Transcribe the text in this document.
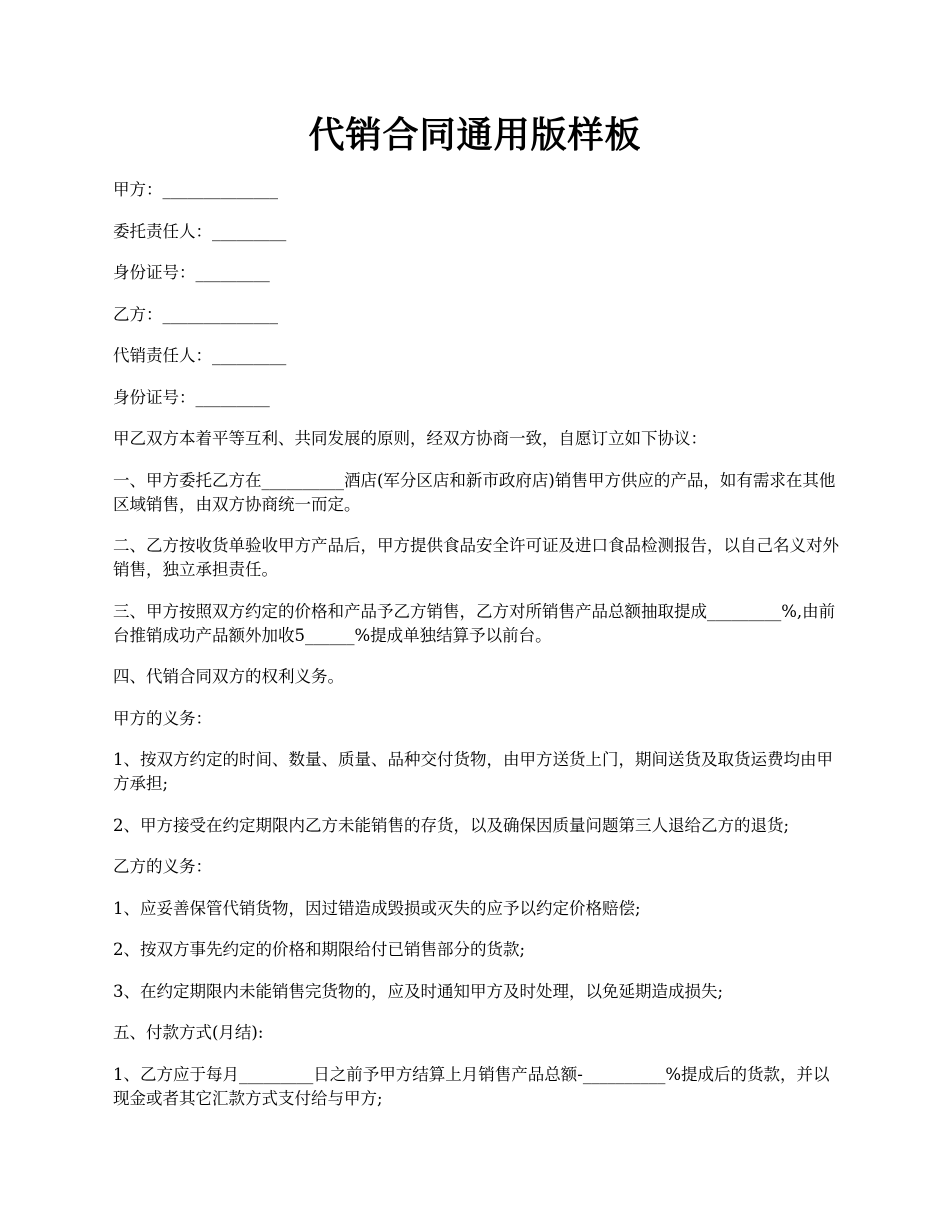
代销合同通用版样板

甲方：______________

委托责任人：_________

身份证号：_________

乙方：______________

代销责任人：_________

身份证号：_________

甲乙双方本着平等互利、共同发展的原则，经双方协商一致，自愿订立如下协议：

一、甲方委托乙方在__________酒店(军分区店和新市政府店)销售甲方供应的产品，如有需求在其他区域销售，由双方协商统一而定。

二、乙方按收货单验收甲方产品后，甲方提供食品安全许可证及进口食品检测报告，以自己名义对外销售，独立承担责任。

三、甲方按照双方约定的价格和产品予乙方销售，乙方对所销售产品总额抽取提成_________%,由前台推销成功产品额外加收5______%提成单独结算予以前台。

四、代销合同双方的权利义务。

甲方的义务：

1、按双方约定的时间、数量、质量、品种交付货物，由甲方送货上门，期间送货及取货运费均由甲方承担;

2、甲方接受在约定期限内乙方未能销售的存货，以及确保因质量问题第三人退给乙方的退货;

乙方的义务：

1、应妥善保管代销货物，因过错造成毁损或灭失的应予以约定价格赔偿;

2、按双方事先约定的价格和期限给付已销售部分的货款;

3、在约定期限内未能销售完货物的，应及时通知甲方及时处理，以免延期造成损失;

五、付款方式(月结):

1、乙方应于每月_________日之前予甲方结算上月销售产品总额-__________%提成后的货款，并以现金或者其它汇款方式支付给与甲方;
